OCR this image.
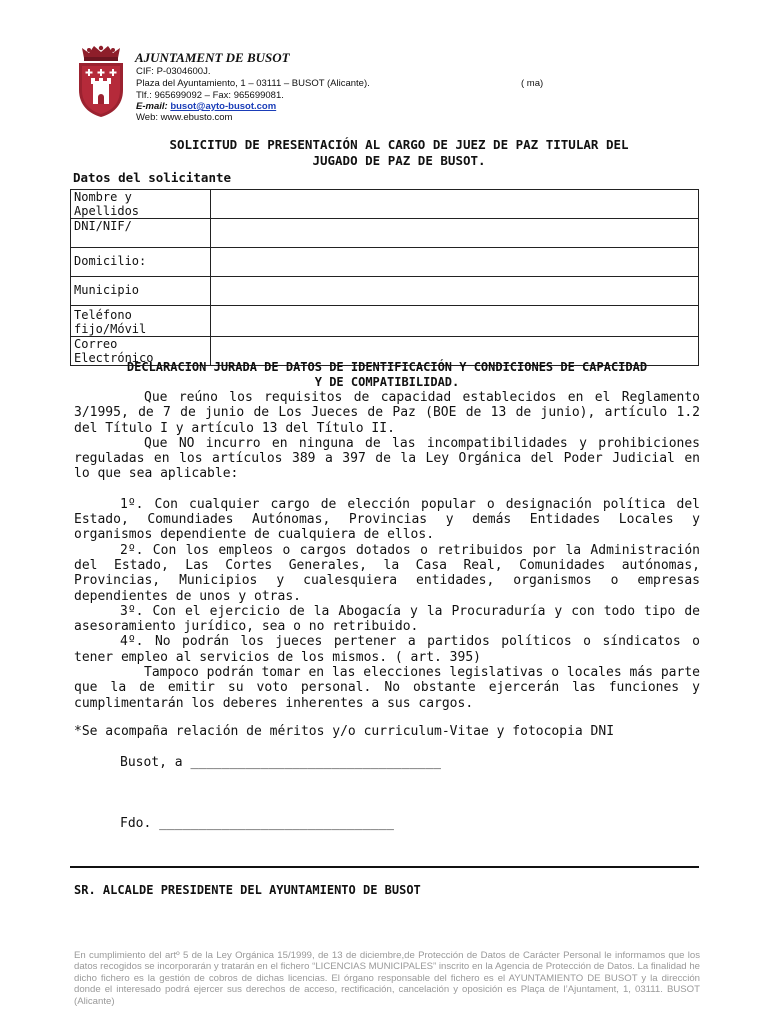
AJUNTAMENT DE BUSOT
CIF: P-0304600J.
Plaza del Ayuntamiento, 1 – 03111 – BUSOT (Alicante).
Tlf.: 965699092 – Fax: 965699081.
E-mail: busot@ayto-busot.com
Web: www.ebusto.com
( ma)
SOLICITUD DE PRESENTACIÓN AL CARGO DE JUEZ DE PAZ TITULAR DEL
JUGADO DE PAZ DE BUSOT.
Datos del solicitante
Nombre y
Apellidos	

DNI/NIF/	

Domicilio:	

Municipio	

Teléfono
fijo/Móvil	

Correo
Electrónico	

DECLARACION JURADA DE DATOS DE IDENTIFICACIÓN Y CONDICIONES DE CAPACIDAD
Y DE COMPATIBILIDAD.

Que reúno los requisitos de capacidad establecidos en el Reglamento 3/1995, de 7 de junio de Los Jueces de Paz (BOE de 13 de junio), artículo 1.2 del Título I y artículo 13 del Título II.

Que NO incurro en ninguna de las incompatibilidades y prohibiciones reguladas en los artículos 389 a 397 de la Ley Orgánica del Poder Judicial en lo que sea aplicable:

1º. Con cualquier cargo de elección popular o designación política del Estado, Comundiades Autónomas, Provincias y demás Entidades Locales y organismos dependiente de cualquiera de ellos.

2º. Con los empleos o cargos dotados o retribuidos por la Administración del Estado, Las Cortes Generales, la Casa Real, Comunidades autónomas, Provincias, Municipios y cualesquiera entidades, organismos o empresas dependientes de unos y otras.

3º. Con el ejercicio de la Abogacía y la Procuraduría y con todo tipo de asesoramiento jurídico, sea o no retribuido.

4º. No podrán los jueces pertener a partidos políticos o síndicatos o tener empleo al servicios de los mismos. ( art. 395)

Tampoco podrán tomar en las elecciones legislativas o locales más parte que la de emitir su voto personal. No obstante ejercerán las funciones y cumplimentarán los deberes inherentes a sus cargos.

*Se acompaña relación de méritos y/o curriculum-Vitae y fotocopia DNI
Busot, a ________________________________
Fdo. ______________________________
SR. ALCALDE PRESIDENTE DEL AYUNTAMIENTO DE BUSOT
En cumplimiento del artº 5 de la Ley Orgánica 15/1999, de 13 de diciembre,de Protección de Datos de Carácter Personal le informamos que los datos recogidos se incorporarán y tratarán en el fichero “LICENCIAS MUNICIPALES” inscrito en la Agencia de Protección de Datos. La finalidad he dicho fichero es la gestión de cobros de dichas licencias. El órgano responsable del fichero es el AYUNTAMIENTO DE BUSOT y la dirección donde el interesado podrá ejercer sus derechos de acceso, rectificación, cancelación y oposición es Plaça de l’Ajuntament, 1, 03111. BUSOT (Alicante)
